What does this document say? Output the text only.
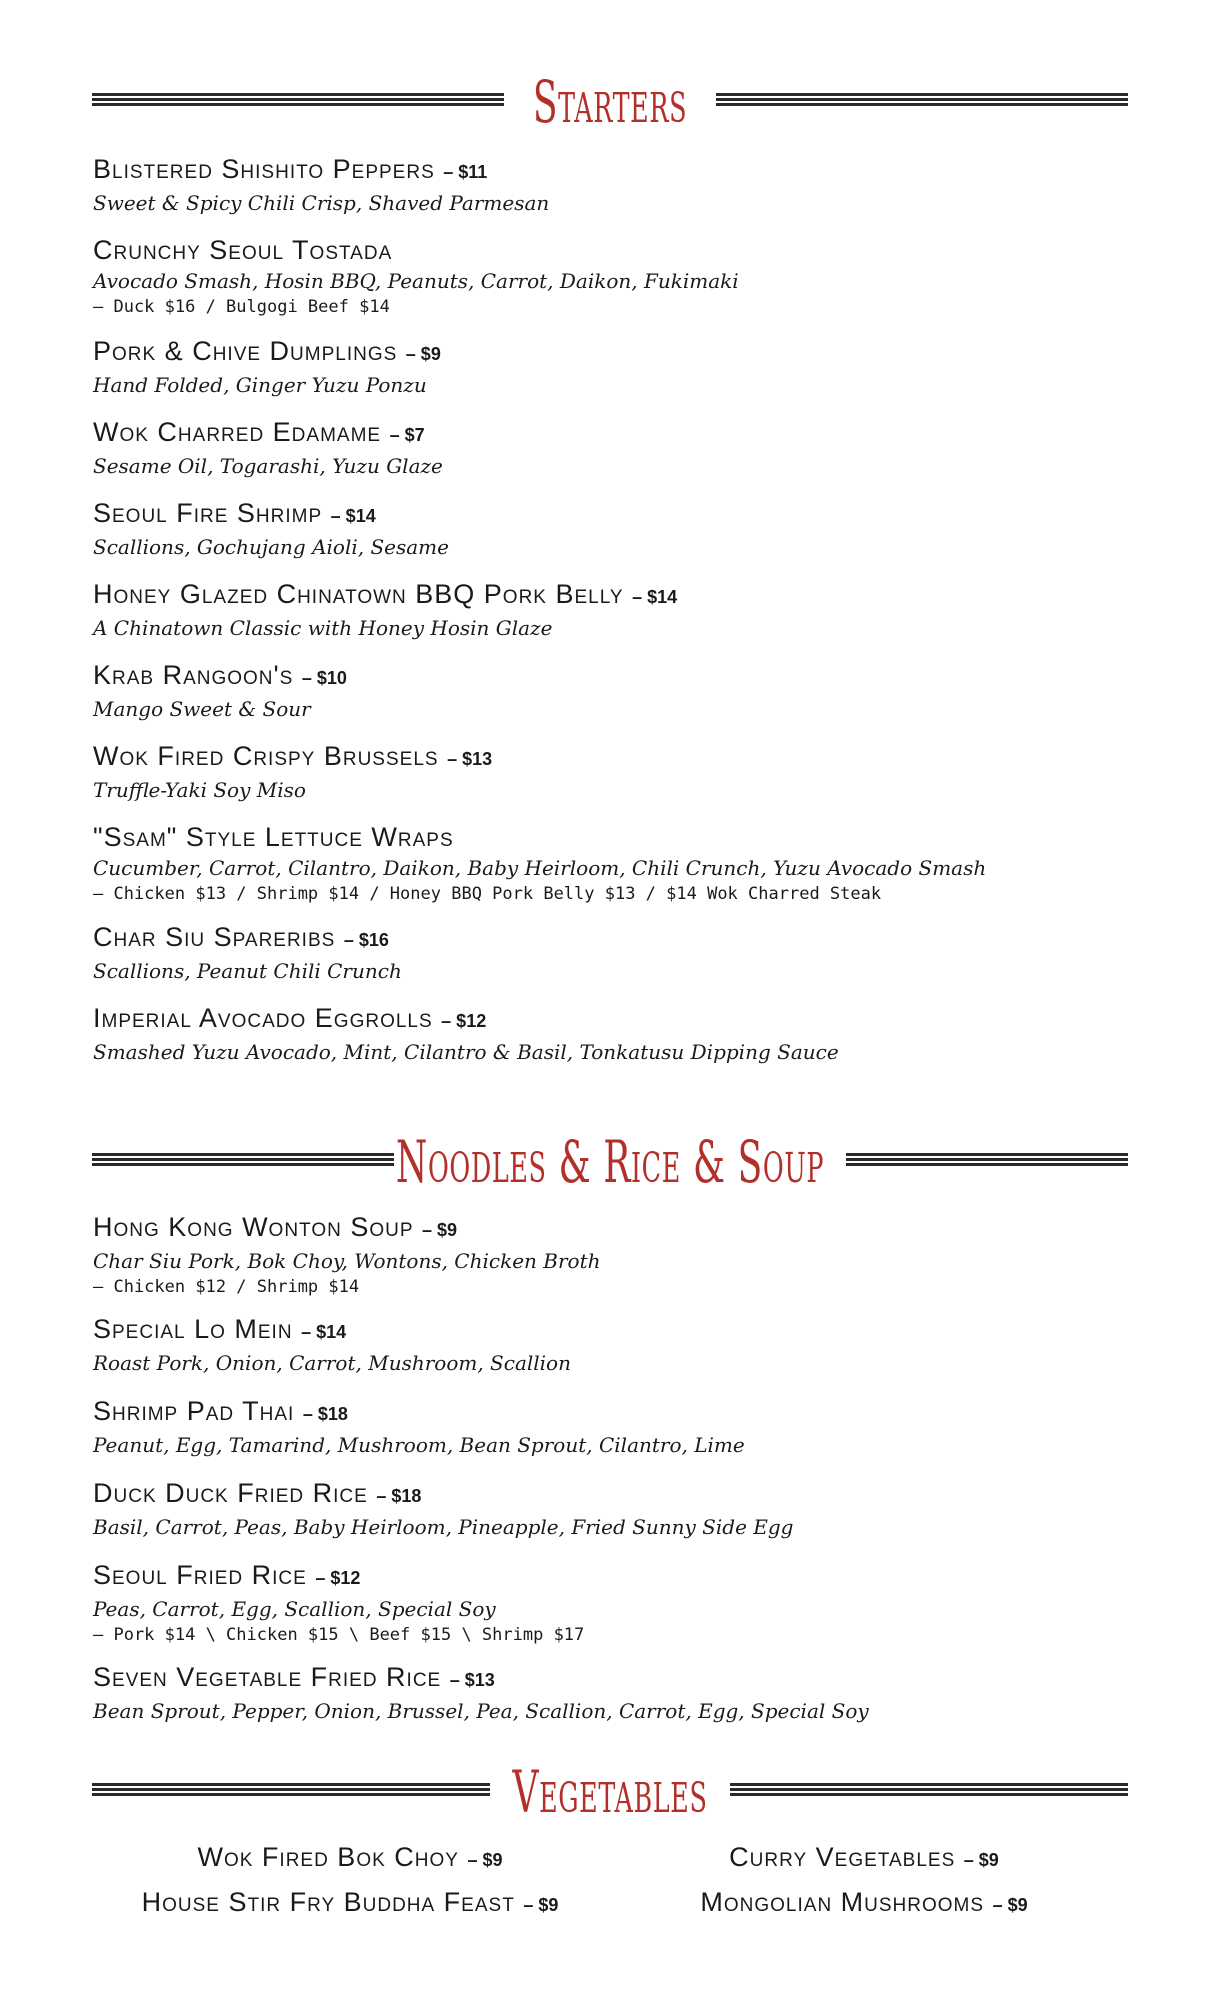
Starters
Blistered Shishito Peppers – $11
Sweet & Spicy Chili Crisp, Shaved Parmesan
Crunchy Seoul Tostada
Avocado Smash, Hosin BBQ, Peanuts, Carrot, Daikon, Fukimaki
– Duck $16 / Bulgogi Beef $14
Pork & Chive Dumplings – $9
Hand Folded, Ginger Yuzu Ponzu
Wok Charred Edamame – $7
Sesame Oil, Togarashi, Yuzu Glaze
Seoul Fire Shrimp – $14
Scallions, Gochujang Aioli, Sesame
Honey Glazed Chinatown BBQ Pork Belly – $14
A Chinatown Classic with Honey Hosin Glaze
Krab Rangoon's – $10
Mango Sweet & Sour
Wok Fired Crispy Brussels – $13
Truffle-Yaki Soy Miso
"Ssam" Style Lettuce Wraps
Cucumber, Carrot, Cilantro, Daikon, Baby Heirloom, Chili Crunch, Yuzu Avocado Smash
– Chicken $13 / Shrimp $14 / Honey BBQ Pork Belly $13 / $14 Wok Charred Steak
Char Siu Spareribs – $16
Scallions, Peanut Chili Crunch
Imperial Avocado Eggrolls – $12
Smashed Yuzu Avocado, Mint, Cilantro & Basil, Tonkatusu Dipping Sauce
Noodles & Rice & Soup
Hong Kong Wonton Soup – $9
Char Siu Pork, Bok Choy, Wontons, Chicken Broth
– Chicken $12 / Shrimp $14
Special Lo Mein – $14
Roast Pork, Onion, Carrot, Mushroom, Scallion
Shrimp Pad Thai – $18
Peanut, Egg, Tamarind, Mushroom, Bean Sprout, Cilantro, Lime
Duck Duck Fried Rice – $18
Basil, Carrot, Peas, Baby Heirloom, Pineapple, Fried Sunny Side Egg
Seoul Fried Rice – $12
Peas, Carrot, Egg, Scallion, Special Soy
– Pork $14 \ Chicken $15 \ Beef $15 \ Shrimp $17
Seven Vegetable Fried Rice – $13
Bean Sprout, Pepper, Onion, Brussel, Pea, Scallion, Carrot, Egg, Special Soy
Vegetables
Wok Fired Bok Choy – $9
House Stir Fry Buddha Feast – $9
Curry Vegetables – $9
Mongolian Mushrooms – $9
